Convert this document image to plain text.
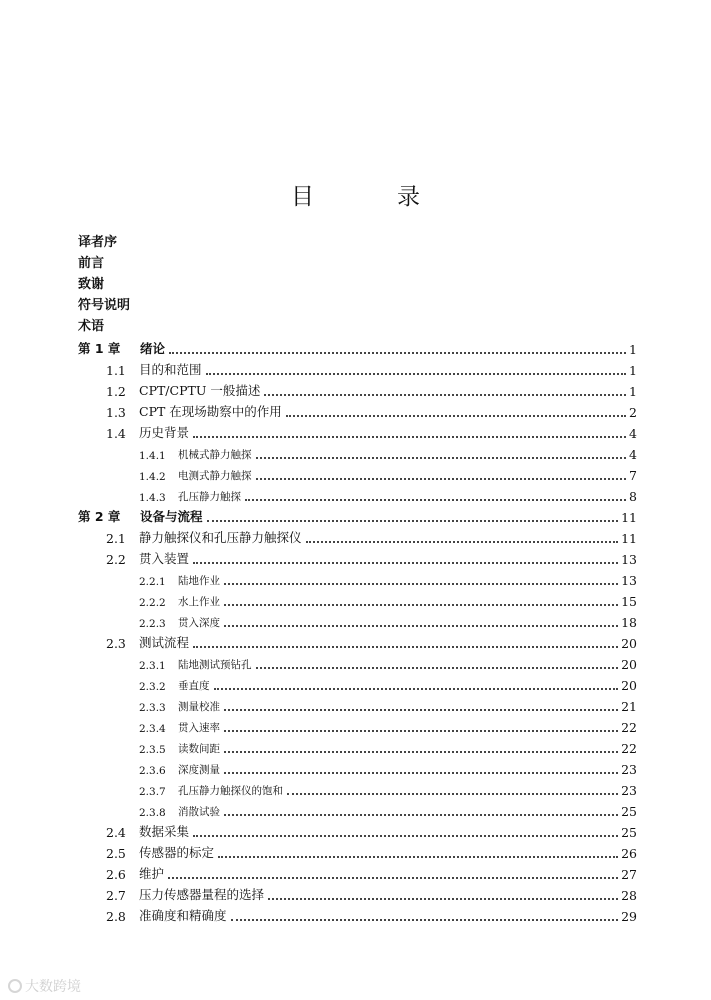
目　录
译者序
前言
致谢
符号说明
术语
第 1 章 绪论	1
1.1 目的和范围	1
1.2 CPT/CPTU 一般描述	1
1.3 CPT 在现场勘察中的作用	2
1.4 历史背景	4
1.4.1 机械式静力触探	4
1.4.2 电测式静力触探	7
1.4.3 孔压静力触探	8
第 2 章 设备与流程	11
2.1 静力触探仪和孔压静力触探仪	11
2.2 贯入装置	13
2.2.1 陆地作业	13
2.2.2 水上作业	15
2.2.3 贯入深度	18
2.3 测试流程	20
2.3.1 陆地测试预钻孔	20
2.3.2 垂直度	20
2.3.3 测量校准	21
2.3.4 贯入速率	22
2.3.5 读数间距	22
2.3.6 深度测量	23
2.3.7 孔压静力触探仪的饱和	23
2.3.8 消散试验	25
2.4 数据采集	25
2.5 传感器的标定	26
2.6 维护	27
2.7 压力传感器量程的选择	28
2.8 准确度和精确度	29
大数跨境
